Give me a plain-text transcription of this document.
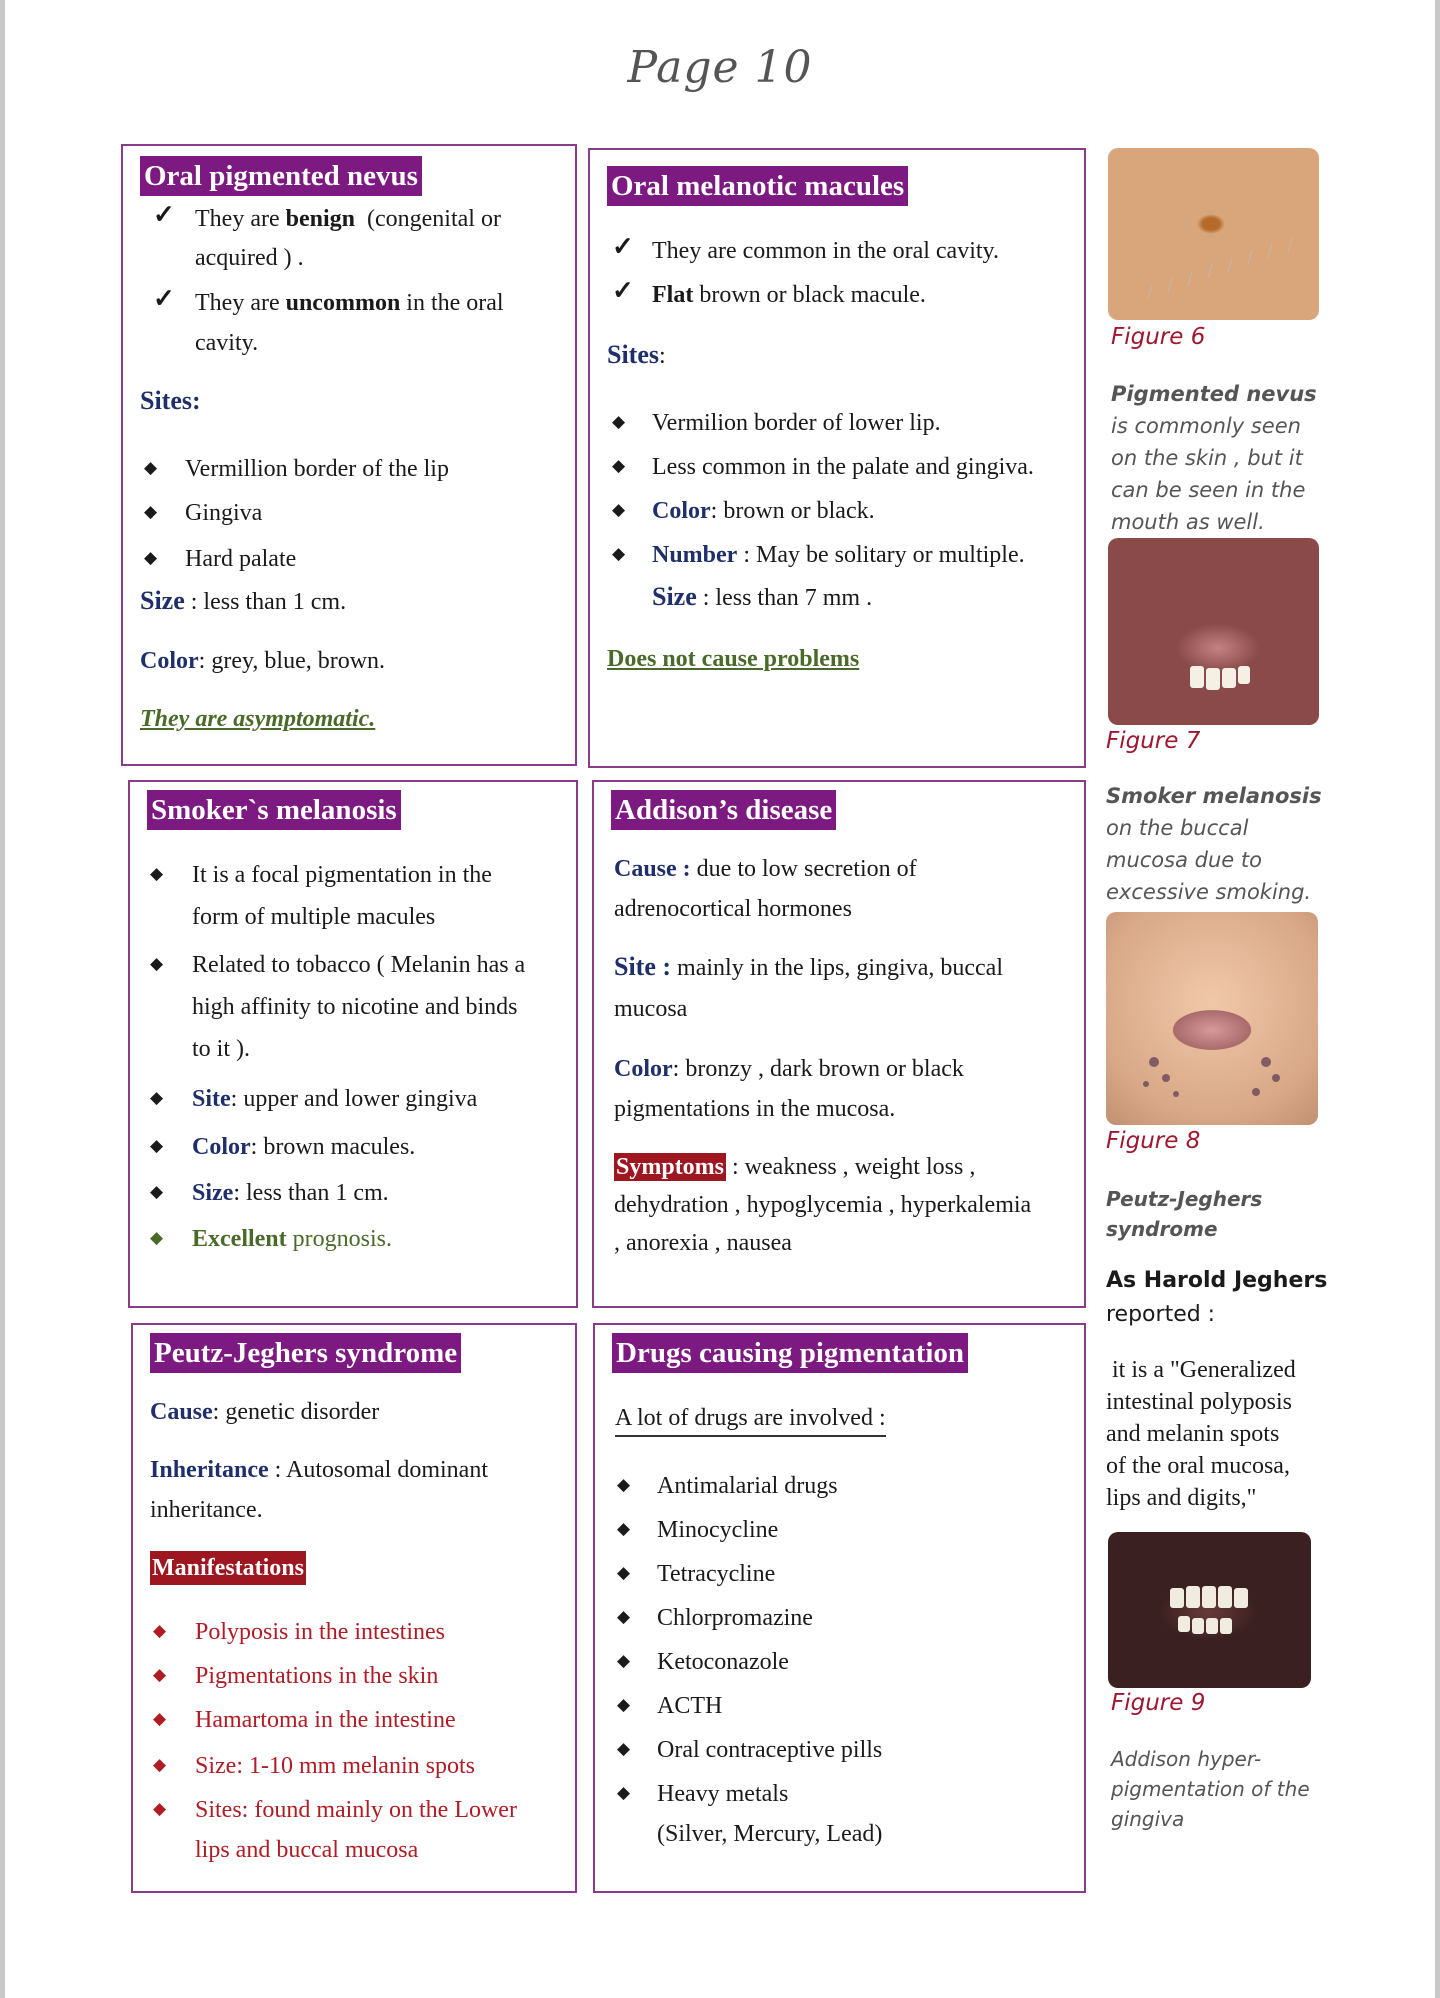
Page 10
Oral pigmented nevus
✓ They are benign (congenital or
acquired ) .
✓ They are uncommon in the oral
cavity.
Sites:
◆ Vermillion border of the lip
◆ Gingiva
◆ Hard palate
Size : less than 1 cm.
Color: grey, blue, brown.
They are asymptomatic.
Oral melanotic macules
✓ They are common in the oral cavity.
✓ Flat brown or black macule.
Sites:
◆ Vermilion border of lower lip.
◆ Less common in the palate and gingiva.
◆ Color: brown or black.
◆ Number : May be solitary or multiple.
Size : less than 7 mm .
Does not cause problems
Smoker`s melanosis
◆ It is a focal pigmentation in the
form of multiple macules
◆ Related to tobacco ( Melanin has a
high affinity to nicotine and binds
to it ).
◆ Site: upper and lower gingiva
◆ Color: brown macules.
◆ Size: less than 1 cm.
◆ Excellent prognosis.
Addison’s disease
Cause : due to low secretion of
adrenocortical hormones
Site : mainly in the lips, gingiva, buccal
mucosa
Color: bronzy , dark brown or black
pigmentations in the mucosa.
Symptoms : weakness , weight loss ,
dehydration , hypoglycemia , hyperkalemia
, anorexia , nausea
Peutz-Jeghers syndrome
Cause: genetic disorder
Inheritance : Autosomal dominant
inheritance.
Manifestations
◆ Polyposis in the intestines
◆ Pigmentations in the skin
◆ Hamartoma in the intestine
◆ Size: 1-10 mm melanin spots
◆ Sites: found mainly on the Lower
lips and buccal mucosa
Drugs causing pigmentation
A lot of drugs are involved :
◆ Antimalarial drugs
◆ Minocycline
◆ Tetracycline
◆ Chlorpromazine
◆ Ketoconazole
◆ ACTH
◆ Oral contraceptive pills
◆ Heavy metals
(Silver, Mercury, Lead)
Figure 6
Pigmented nevus
is commonly seen
on the skin , but it
can be seen in the
mouth as well.
Figure 7
Smoker melanosis
on the buccal
mucosa due to
excessive smoking.
Figure 8
Peutz-Jeghers
syndrome
As Harold Jeghers
reported :
it is a "Generalized
intestinal polyposis
and melanin spots
of the oral mucosa,
lips and digits,"
Figure 9
Addison hyper-
pigmentation of the
gingiva
